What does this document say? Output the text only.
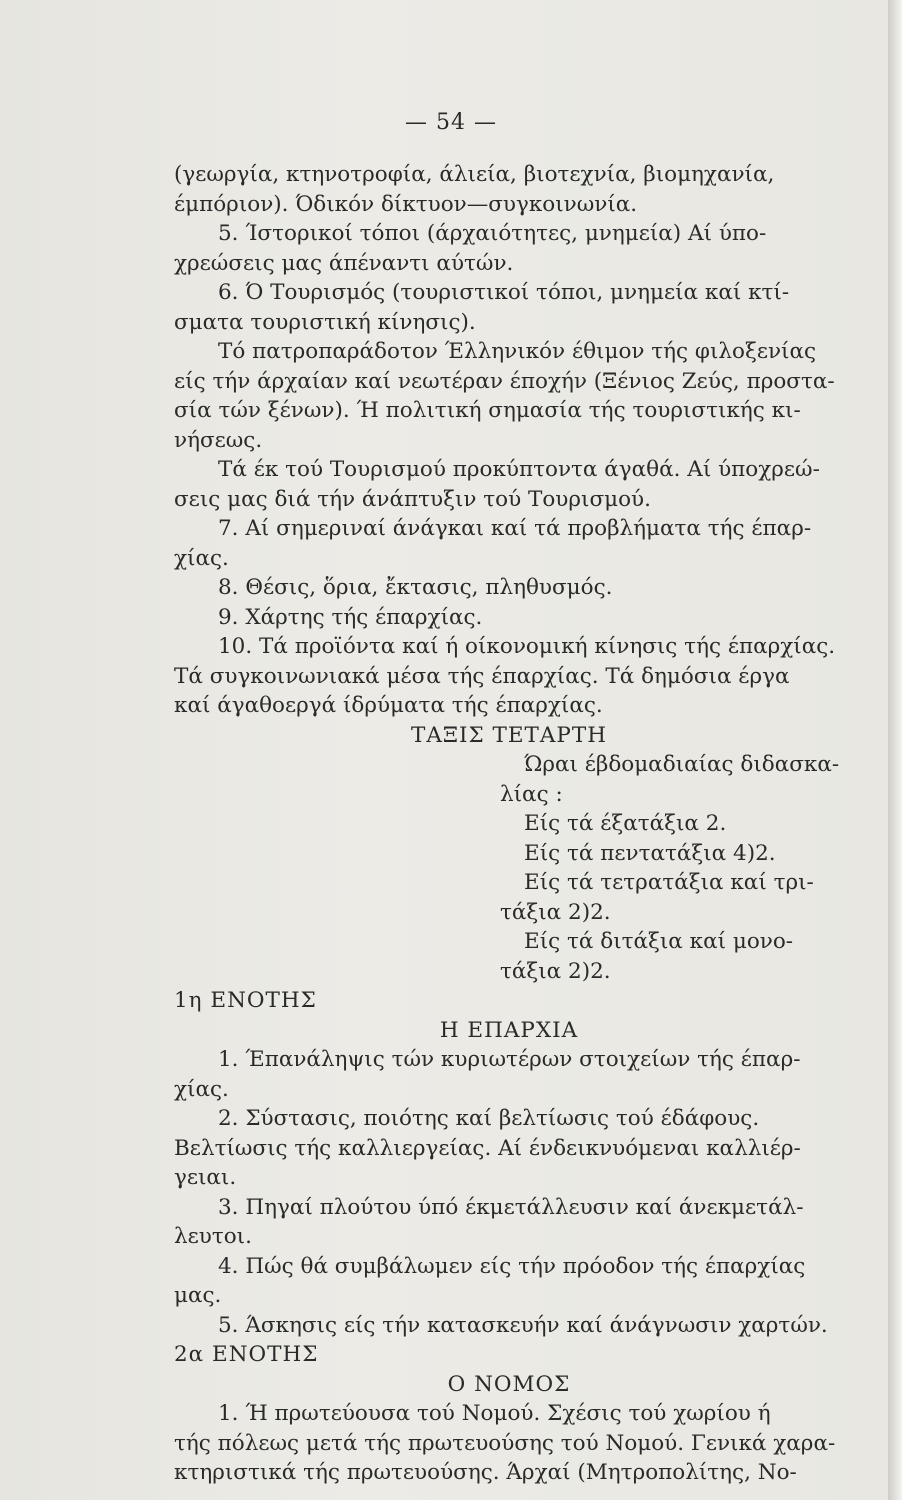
— 54 —
(γεωργία, κτηνοτροφία, άλιεία, βιοτεχνία, βιομηχανία,
έμπόριον). Όδικόν δίκτυον—συγκοινωνία.
5. Ίστορικοί τόποι (άρχαιότητες, μνημεία) Αί ύπο-
χρεώσεις μας άπέναντι αύτών.
6. Ό Τουρισμός (τουριστικοί τόποι, μνημεία καί κτί-
σματα τουριστική κίνησις).
Τό πατροπαράδοτον Έλληνικόν έθιμον τής φιλοξενίας
είς τήν άρχαίαν καί νεωτέραν έποχήν (Ξένιος Ζεύς, προστα-
σία τών ξένων). Ή πολιτική σημασία τής τουριστικής κι-
νήσεως.
Τά έκ τού Τουρισμού προκύπτοντα άγαθά. Αί ύποχρεώ-
σεις μας διά τήν άνάπτυξιν τού Τουρισμού.
7. Αί σημεριναί άνάγκαι καί τά προβλήματα τής έπαρ-
χίας.
8. Θέσις, ὅρια, ἔκτασις, πληθυσμός.
9. Χάρτης τής έπαρχίας.
10. Τά προϊόντα καί ή οίκονομική κίνησις τής έπαρχίας.
Τά συγκοινωνιακά μέσα τής έπαρχίας. Τά δημόσια έργα
καί άγαθοεργά ίδρύματα τής έπαρχίας.
ΤΑΞΙΣ ΤΕΤΑΡΤΗ
Ώραι έβδομαδιαίας διδασκα-
λίας :
Είς τά έξατάξια 2.
Είς τά πεντατάξια 4)2.
Είς τά τετρατάξια καί τρι-
τάξια 2)2.
Είς τά διτάξια καί μονο-
τάξια 2)2.
1η ΕΝΟΤΗΣ
Η ΕΠΑΡΧΙΑ
1. Έπανάληψις τών κυριωτέρων στοιχείων τής έπαρ-
χίας.
2. Σύστασις, ποιότης καί βελτίωσις τού έδάφους.
Βελτίωσις τής καλλιεργείας. Αί ένδεικνυόμεναι καλλιέρ-
γειαι.
3. Πηγαί πλούτου ύπό έκμετάλλευσιν καί άνεκμετάλ-
λευτοι.
4. Πώς θά συμβάλωμεν είς τήν πρόοδον τής έπαρχίας
μας.
5. Άσκησις είς τήν κατασκευήν καί άνάγνωσιν χαρτών.
2α ΕΝΟΤΗΣ
Ο ΝΟΜΟΣ
1. Ή πρωτεύουσα τού Νομού. Σχέσις τού χωρίου ή
τής πόλεως μετά τής πρωτευούσης τού Νομού. Γενικά χαρα-
κτηριστικά τής πρωτευούσης. Άρχαί (Μητροπολίτης, Νο-
